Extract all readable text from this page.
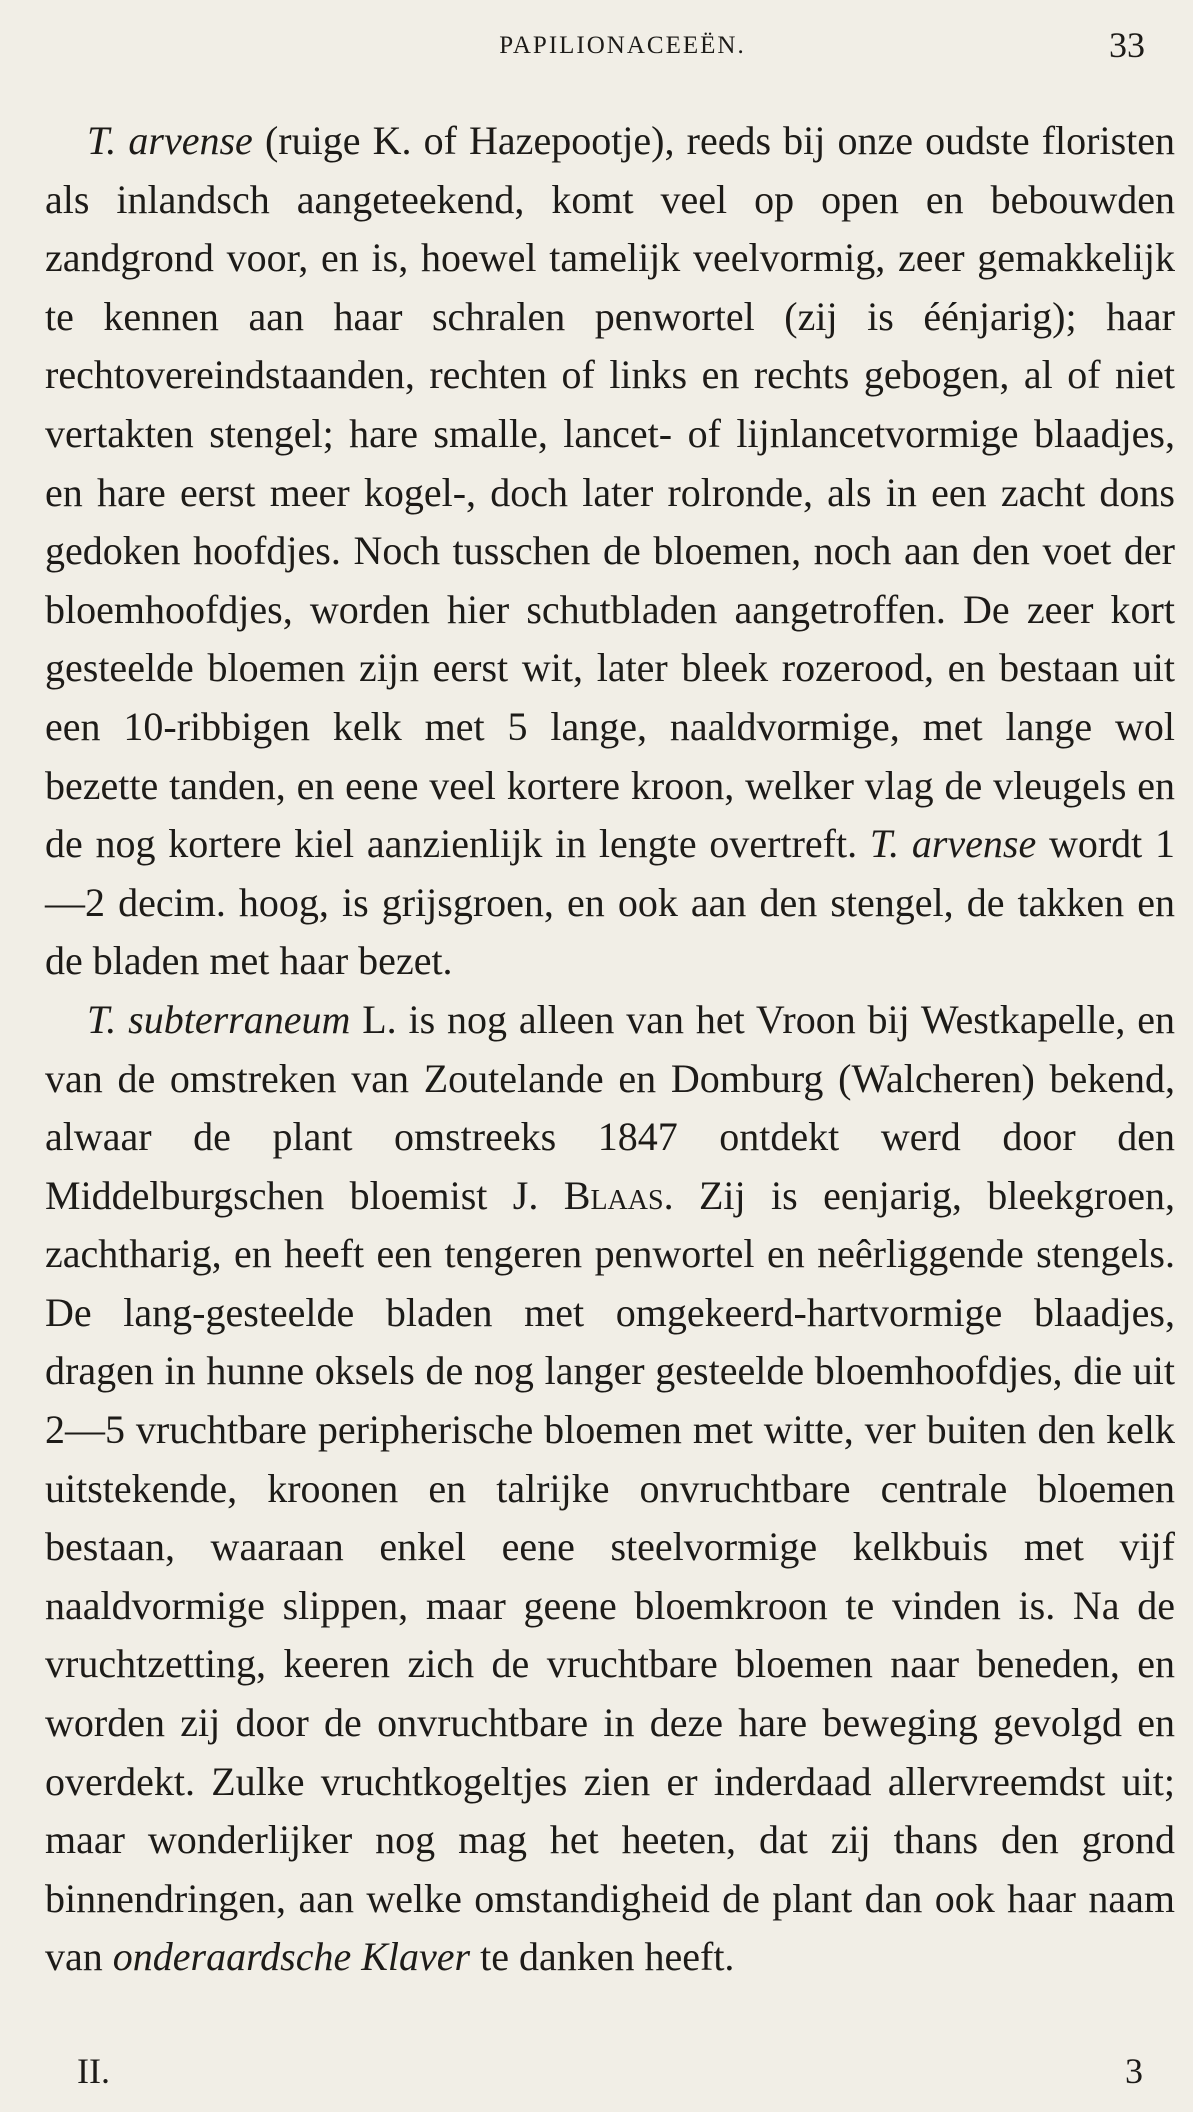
PAPILIONACEEËN.	33

T. arvense (ruige K. of Hazepootje), reeds bij onze oudste floristen als inlandsch aangeteekend, komt veel op open en bebouwden zandgrond voor, en is, hoewel tamelijk veelvormig, zeer gemakkelijk te kennen aan haar schralen penwortel (zij is éénjarig); haar rechtovereindstaanden, rechten of links en rechts gebogen, al of niet vertakten stengel; hare smalle, lancet- of lijnlancetvormige blaadjes, en hare eerst meer kogel-, doch later rolronde, als in een zacht dons gedoken hoofdjes. Noch tusschen de bloemen, noch aan den voet der bloemhoofdjes, worden hier schutbladen aangetroffen. De zeer kort gesteelde bloemen zijn eerst wit, later bleek rozerood, en bestaan uit een 10-ribbigen kelk met 5 lange, naaldvormige, met lange wol bezette tanden, en eene veel kortere kroon, welker vlag de vleugels en de nog kortere kiel aanzienlijk in lengte overtreft. T. arvense wordt 1—2 decim. hoog, is grijsgroen, en ook aan den stengel, de takken en de bladen met haar bezet.

T. subterraneum L. is nog alleen van het Vroon bij Westkapelle, en van de omstreken van Zoutelande en Domburg (Walcheren) bekend, alwaar de plant omstreeks 1847 ontdekt werd door den Middelburgschen bloemist J. Blaas. Zij is eenjarig, bleekgroen, zachtharig, en heeft een tengeren penwortel en neêrliggende stengels. De lang-gesteelde bladen met omgekeerd-hartvormige blaadjes, dragen in hunne oksels de nog langer gesteelde bloemhoofdjes, die uit 2—5 vruchtbare peripherische bloemen met witte, ver buiten den kelk uitstekende, kroonen en talrijke onvruchtbare centrale bloemen bestaan, waaraan enkel eene steelvormige kelkbuis met vijf naaldvormige slippen, maar geene bloemkroon te vinden is. Na de vruchtzetting, keeren zich de vruchtbare bloemen naar beneden, en worden zij door de onvruchtbare in deze hare beweging gevolgd en overdekt. Zulke vruchtkogeltjes zien er inderdaad allervreemdst uit; maar wonderlijker nog mag het heeten, dat zij thans den grond binnendringen, aan welke omstandigheid de plant dan ook haar naam van onderaardsche Klaver te danken heeft.

II.	3
